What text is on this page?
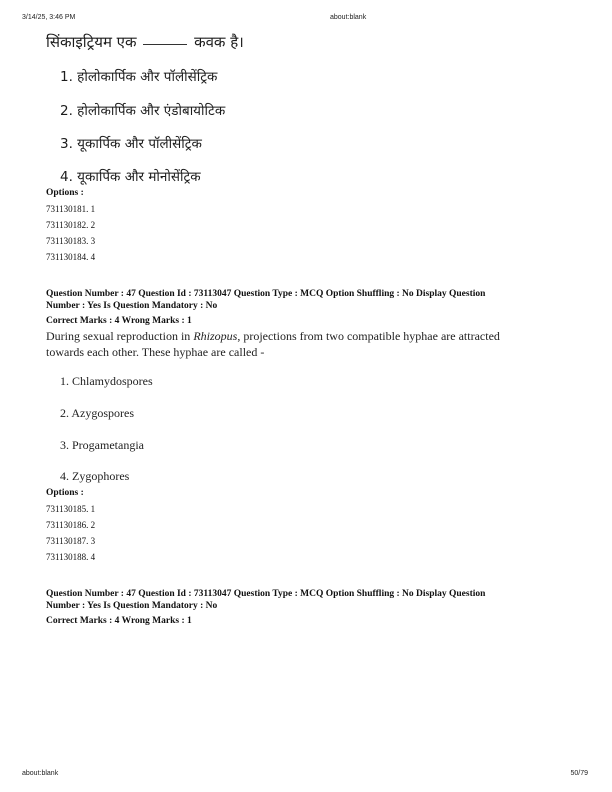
3/14/25, 3:46 PM	about:blank
सिंकाइट्रियम एक	कवक है।
1. होलोकार्पिक और पॉलीसेंट्रिक
2. होलोकार्पिक और एंडोबायोटिक
3. यूकार्पिक और पॉलीसेंट्रिक
4. यूकार्पिक और मोनोसेंट्रिक
Options :
731130181. 1
731130182. 2
731130183. 3
731130184. 4
Question Number : 47 Question Id : 73113047 Question Type : MCQ Option Shuffling : No Display Question
Number : Yes Is Question Mandatory : No
Correct Marks : 4 Wrong Marks : 1
During sexual reproduction in Rhizopus, projections from two compatible hyphae are attracted
towards each other. These hyphae are called -
1. Chlamydospores
2. Azygospores
3. Progametangia
4. Zygophores
Options :
731130185. 1
731130186. 2
731130187. 3
731130188. 4
Question Number : 47 Question Id : 73113047 Question Type : MCQ Option Shuffling : No Display Question
Number : Yes Is Question Mandatory : No
Correct Marks : 4 Wrong Marks : 1
about:blank	50/79
